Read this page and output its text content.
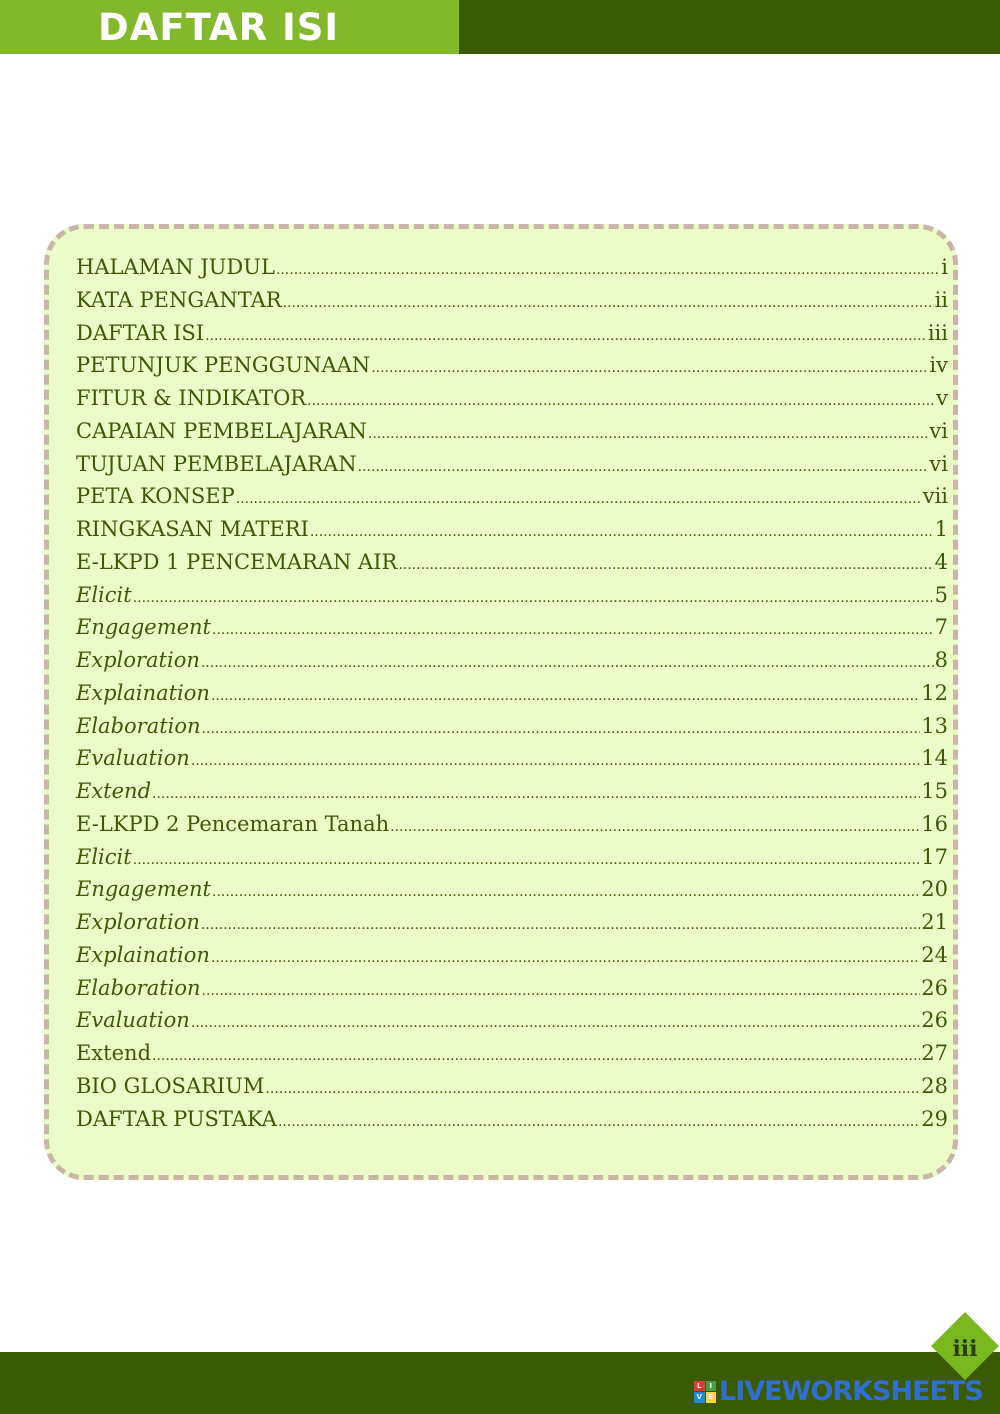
DAFTAR ISI
HALAMAN JUDUL .....	i
KATA PENGANTAR .....	ii
DAFTAR ISI .....	iii
PETUNJUK PENGGUNAAN .....	iv
FITUR & INDIKATOR .....	v
CAPAIAN PEMBELAJARAN .....	vi
TUJUAN PEMBELAJARAN .....	vi
PETA KONSEP .....	vii
RINGKASAN MATERI .....	1
E-LKPD 1 PENCEMARAN AIR .....	4
Elicit .....	5
Engagement .....	7
Exploration .....	8
Explaination .....	12
Elaboration .....	13
Evaluation .....	14
Extend .....	15
E-LKPD 2 Pencemaran Tanah .....	16
Elicit .....	17
Engagement .....	20
Exploration .....	21
Explaination .....	24
Elaboration .....	26
Evaluation .....	26
Extend .....	27
BIO GLOSARIUM .....	28
DAFTAR PUSTAKA .....	29
iii
L	I
V E LIVEWORKSHEETS
